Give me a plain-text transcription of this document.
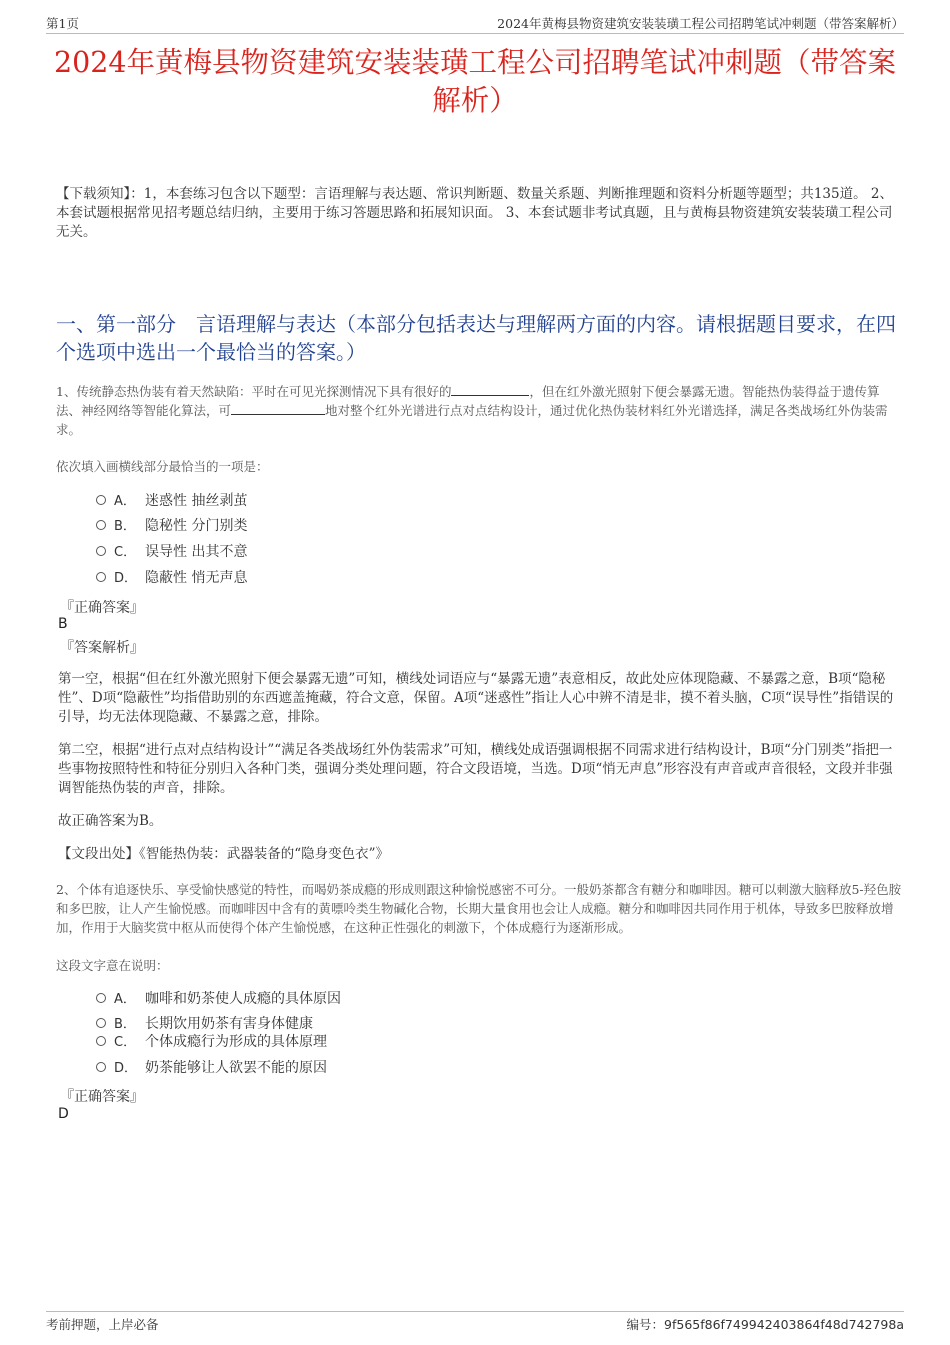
第1页	2024年黄梅县物资建筑安装装璜工程公司招聘笔试冲刺题（带答案解析）
2024年黄梅县物资建筑安装装璜工程公司招聘笔试冲刺题（带答案解析）
【下载须知】：1，本套练习包含以下题型：言语理解与表达题、常识判断题、数量关系题、判断推理题和资料分析题等题型；共135道。 2、本套试题根据常见招考题总结归纳，主要用于练习答题思路和拓展知识面。 3、本套试题非考试真题，且与黄梅县物资建筑安装装璜工程公司无关。
一、第一部分 言语理解与表达（本部分包括表达与理解两方面的内容。请根据题目要求，在四个选项中选出一个最恰当的答案。）
1、传统静态热伪装有着天然缺陷：平时在可见光探测情况下具有很好的	，但在红外激光照射下便会暴露无遗。智能热伪装得益于遗传算法、神经网络等智能化算法，可	地对整个红外光谱进行点对点结构设计，通过优化热伪装材料红外光谱选择，满足各类战场红外伪装需求。
依次填入画横线部分最恰当的一项是：
A． 迷惑性 抽丝剥茧
B． 隐秘性 分门别类
C． 误导性 出其不意
D． 隐蔽性 悄无声息
『正确答案』
B
『答案解析』
第一空，根据“但在红外激光照射下便会暴露无遗”可知，横线处词语应与“暴露无遗”表意相反，故此处应体现隐藏、不暴露之意，B项“隐秘性”、D项“隐蔽性”均指借助别的东西遮盖掩藏，符合文意，保留。A项“迷惑性”指让人心中辨不清是非，摸不着头脑，C项“误导性”指错误的引导，均无法体现隐藏、不暴露之意，排除。
第二空，根据“进行点对点结构设计”“满足各类战场红外伪装需求”可知，横线处成语强调根据不同需求进行结构设计，B项“分门别类”指把一些事物按照特性和特征分别归入各种门类，强调分类处理问题，符合文段语境，当选。D项“悄无声息”形容没有声音或声音很轻，文段并非强调智能热伪装的声音，排除。
故正确答案为B。
【文段出处】《智能热伪装：武器装备的“隐身变色衣”》
2、个体有追逐快乐、享受愉快感觉的特性，而喝奶茶成瘾的形成则跟这种愉悦感密不可分。一般奶茶都含有糖分和咖啡因。糖可以刺激大脑释放5-羟色胺和多巴胺，让人产生愉悦感。而咖啡因中含有的黄嘌呤类生物碱化合物，长期大量食用也会让人成瘾。糖分和咖啡因共同作用于机体，导致多巴胺释放增加，作用于大脑奖赏中枢从而使得个体产生愉悦感，在这种正性强化的刺激下，个体成瘾行为逐渐形成。
这段文字意在说明：
A． 咖啡和奶茶使人成瘾的具体原因
B． 长期饮用奶茶有害身体健康
C． 个体成瘾行为形成的具体原理
D． 奶茶能够让人欲罢不能的原因
『正确答案』
D
考前押题，上岸必备	编号：9f565f86f749942403864f48d742798a
